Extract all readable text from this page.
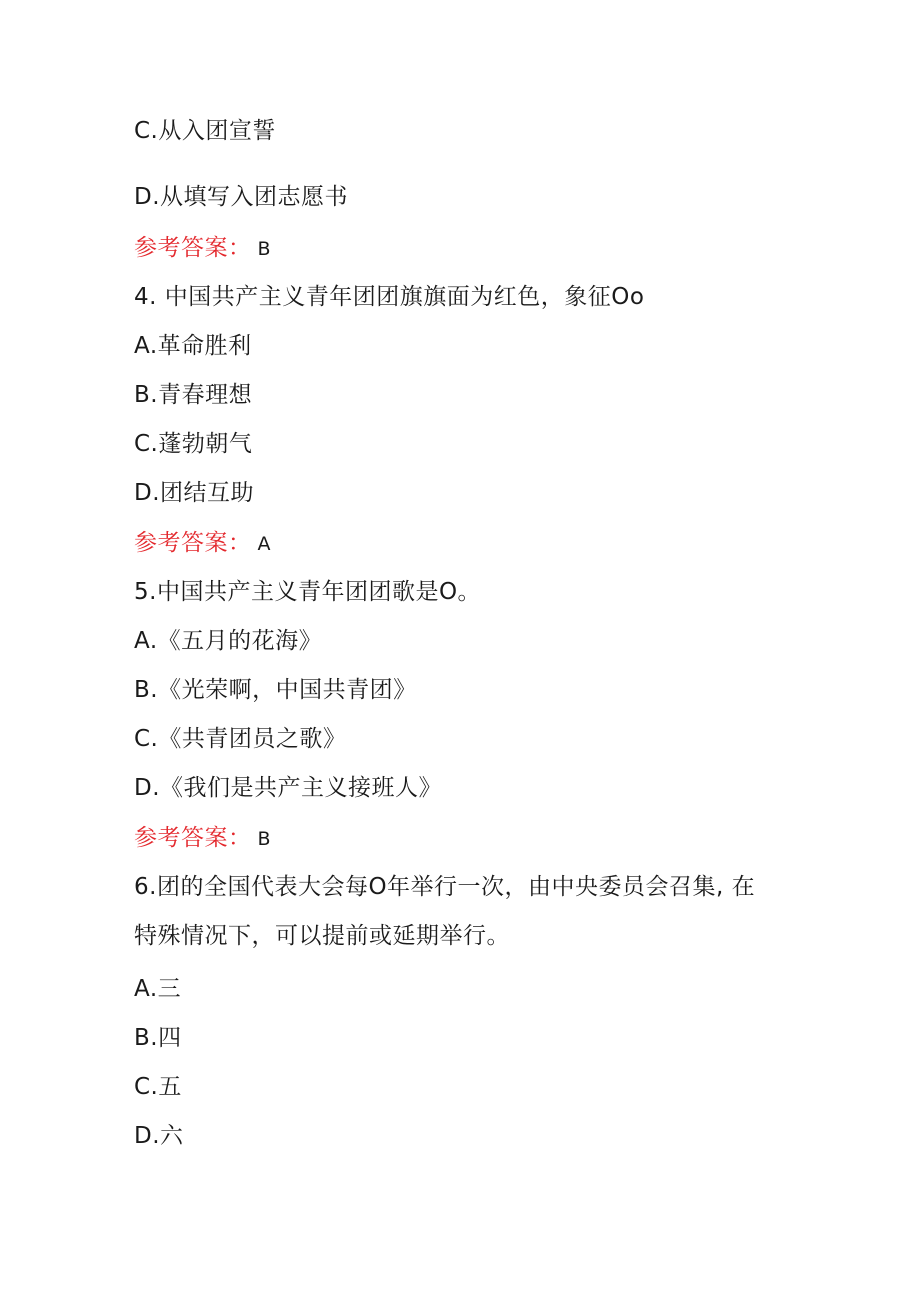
C.从入团宣誓
D.从填写入团志愿书
参考答案： B
4. 中国共产主义青年团团旗旗面为红色，象征Oo
A.革命胜利
B.青春理想
C.蓬勃朝气
D.团结互助
参考答案： A
5.中国共产主义青年团团歌是O。
A.《五月的花海》
B.《光荣啊，中国共青团》
C.《共青团员之歌》
D.《我们是共产主义接班人》
参考答案： B
6.团的全国代表大会每O年举行一次，由中央委员会召集, 在
特殊情况下，可以提前或延期举行。
A.三
B.四
C.五
D.六
